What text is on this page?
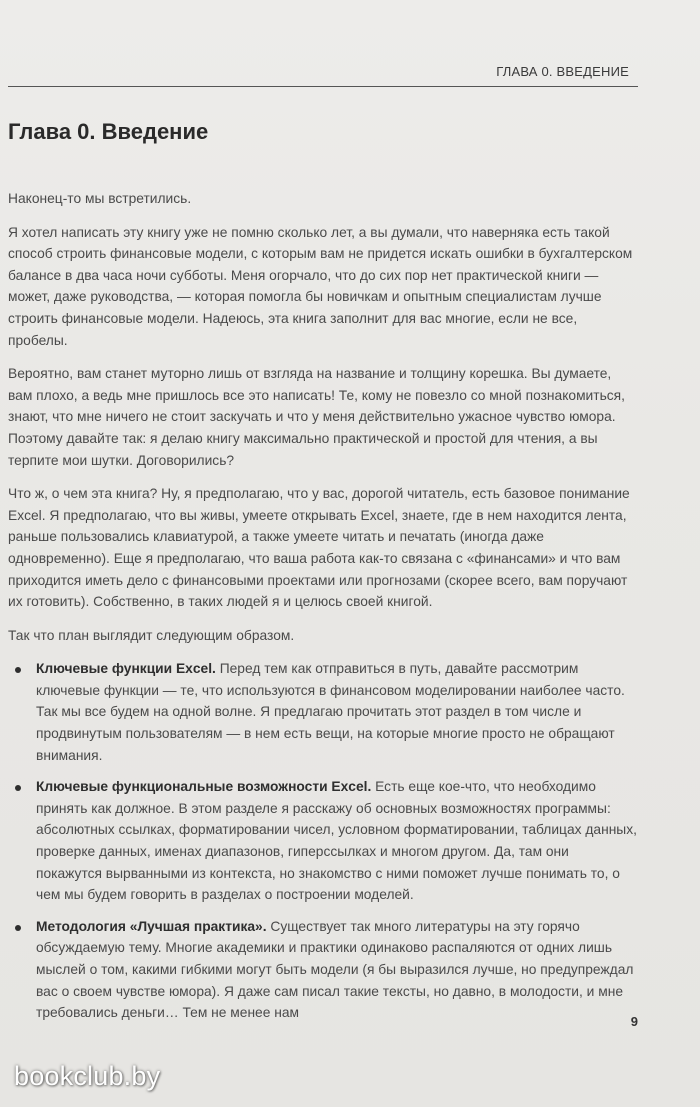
ГЛАВА 0. ВВЕДЕНИЕ
Глава 0. Введение

Наконец-то мы встретились.

Я хотел написать эту книгу уже не помню сколько лет, а вы думали, что наверняка есть такой способ строить финансовые модели, с которым вам не придется искать ошибки в бухгалтерском балансе в два часа ночи субботы. Меня огорчало, что до сих пор нет практической книги — может, даже руководства, — которая помогла бы новичкам и опытным специалистам лучше строить финансовые модели. Надеюсь, эта книга заполнит для вас многие, если не все, пробелы.

Вероятно, вам станет муторно лишь от взгляда на название и толщину корешка. Вы думаете, вам плохо, а ведь мне пришлось все это написать! Те, кому не повезло со мной познакомиться, знают, что мне ничего не стоит заскучать и что у меня действительно ужасное чувство юмора. Поэтому давайте так: я делаю книгу максимально практической и простой для чтения, а вы терпите мои шутки. Договорились?

Что ж, о чем эта книга? Ну, я предполагаю, что у вас, дорогой читатель, есть базовое понимание Excel. Я предполагаю, что вы живы, умеете открывать Excel, знаете, где в нем находится лента, раньше пользовались клавиатурой, а также умеете читать и печатать (иногда даже одновременно). Еще я предполагаю, что ваша работа как-то связана с «финансами» и что вам приходится иметь дело с финансовыми проектами или прогнозами (скорее всего, вам поручают их готовить). Собственно, в таких людей я и целюсь своей книгой.

Так что план выглядит следующим образом.

Ключевые функции Excel. Перед тем как отправиться в путь, давайте рассмотрим ключевые функции — те, что используются в финансовом моделировании наиболее часто. Так мы все будем на одной волне. Я предлагаю прочитать этот раздел в том числе и продвинутым пользователям — в нем есть вещи, на которые многие просто не обращают внимания.
Ключевые функциональные возможности Excel. Есть еще кое-что, что необходимо принять как должное. В этом разделе я расскажу об основных возможностях программы: абсолютных ссылках, форматировании чисел, условном форматировании, таблицах данных, проверке данных, именах диапазонов, гиперссылках и многом другом. Да, там они покажутся вырванными из контекста, но знакомство с ними поможет лучше понимать то, о чем мы будем говорить в разделах о построении моделей.
Методология «Лучшая практика». Существует так много литературы на эту горячо обсуждаемую тему. Многие академики и практики одинаково распаляются от одних лишь мыслей о том, какими гибкими могут быть модели (я бы выразился лучше, но предупреждал вас о своем чувстве юмора). Я даже сам писал такие тексты, но давно, в молодости, и мне требовались деньги… Тем не менее нам
9
bookclub.by
